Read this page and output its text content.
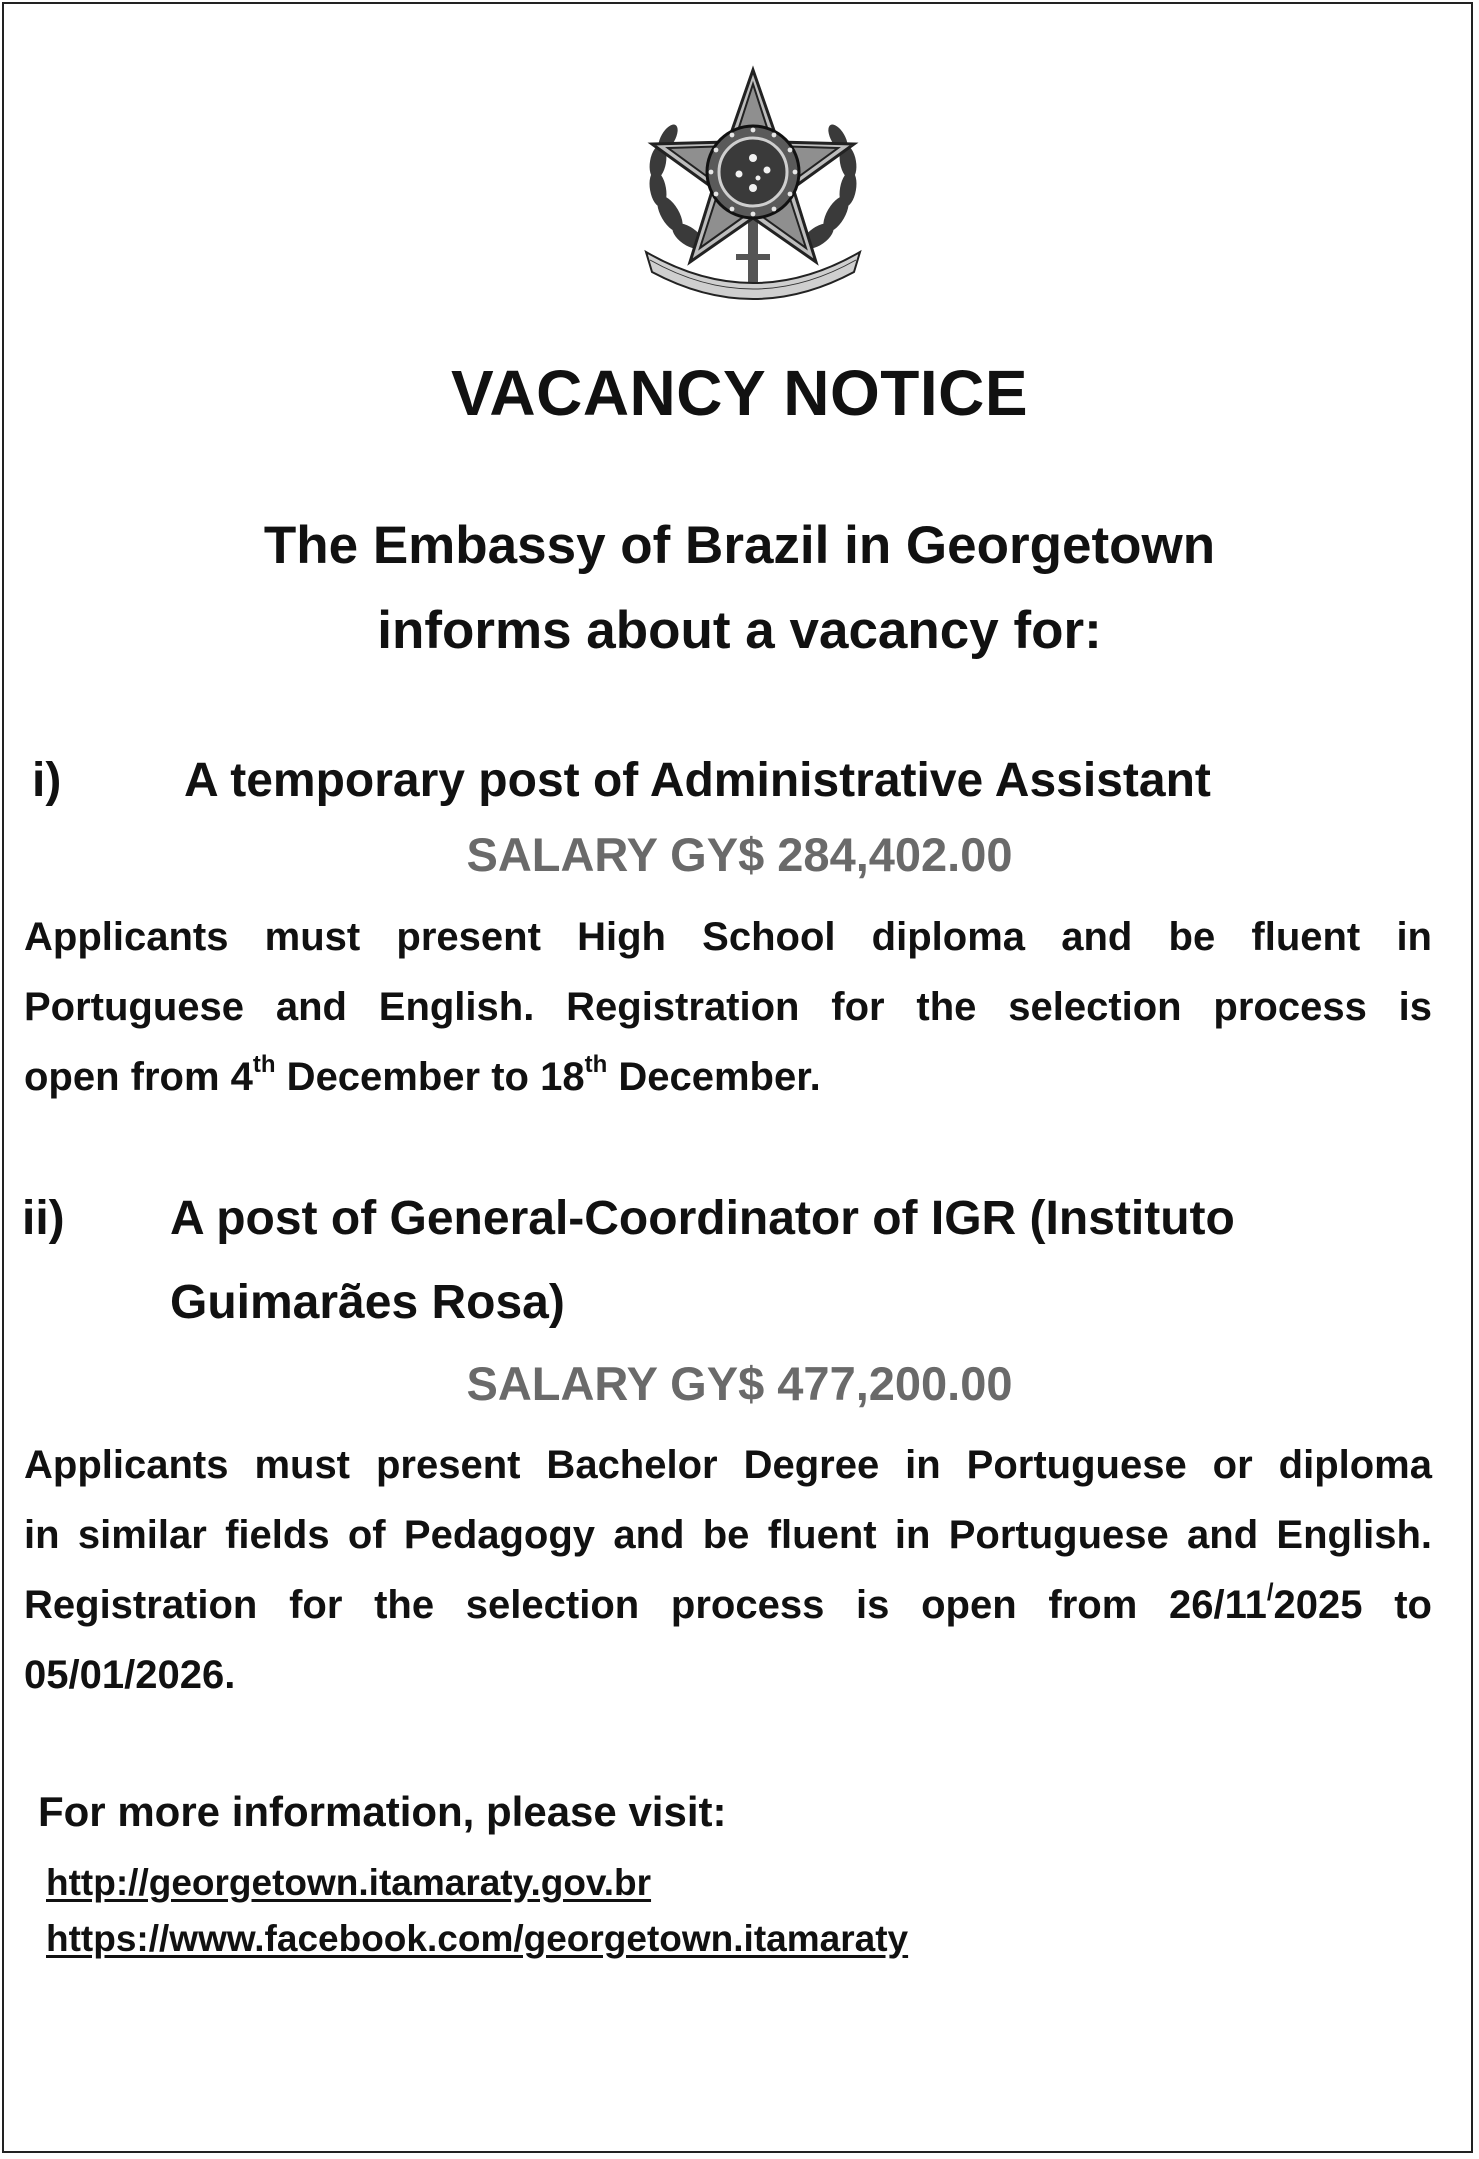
VACANCY NOTICE
The Embassy of Brazil in Georgetown
informs about a vacancy for:
i)	A temporary post of Administrative Assistant
SALARY GY$ 284,402.00
Applicants must present High School diploma and be fluent in
Portuguese and English. Registration for the selection process is
open from 4th December to 18th December.
ii) A post of General-Coordinator of IGR (Instituto
Guimarães Rosa)
SALARY GY$ 477,200.00
Applicants must present Bachelor Degree in Portuguese or diploma
in similar fields of Pedagogy and be fluent in Portuguese and English.
Registration for the selection process is open from 26/11/2025 to
05/01/2026.
For more information, please visit:
http://georgetown.itamaraty.gov.br
https://www.facebook.com/georgetown.itamaraty
